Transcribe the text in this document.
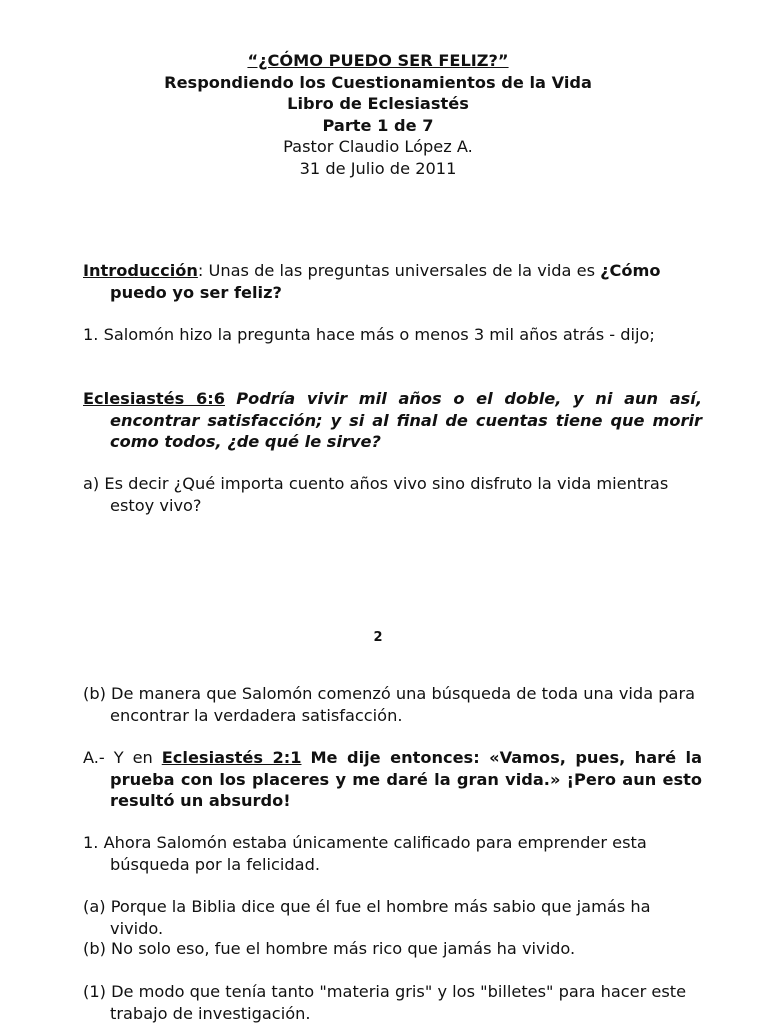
“¿CÓMO PUEDO SER FELIZ?”
Respondiendo los Cuestionamientos de la Vida
Libro de Eclesiastés
Parte 1 de 7
Pastor Claudio López A.
31 de Julio de 2011
Introducción: Unas de las preguntas universales de la vida es ¿Cómo puedo yo ser feliz?
1. Salomón hizo la pregunta hace más o menos 3 mil años atrás - dijo;
Eclesiastés 6:6 Podría vivir mil años o el doble, y ni aun así, encontrar satisfacción; y si al final de cuentas tiene que morir como todos, ¿de qué le sirve?
a) Es decir ¿Qué importa cuento años vivo sino disfruto la vida mientras estoy vivo?
2
(b) De manera que Salomón comenzó una búsqueda de toda una vida para encontrar la verdadera satisfacción.
A.- Y en Eclesiastés 2:1 Me dije entonces: «Vamos, pues, haré la prueba con los placeres y me daré la gran vida.» ¡Pero aun esto resultó un absurdo!
1. Ahora Salomón estaba únicamente calificado para emprender esta búsqueda por la felicidad.
(a) Porque la Biblia dice que él fue el hombre más sabio que jamás ha vivido.
(b) No solo eso, fue el hombre más rico que jamás ha vivido.
(1) De modo que tenía tanto "materia gris" y los "billetes" para hacer este trabajo de investigación.
